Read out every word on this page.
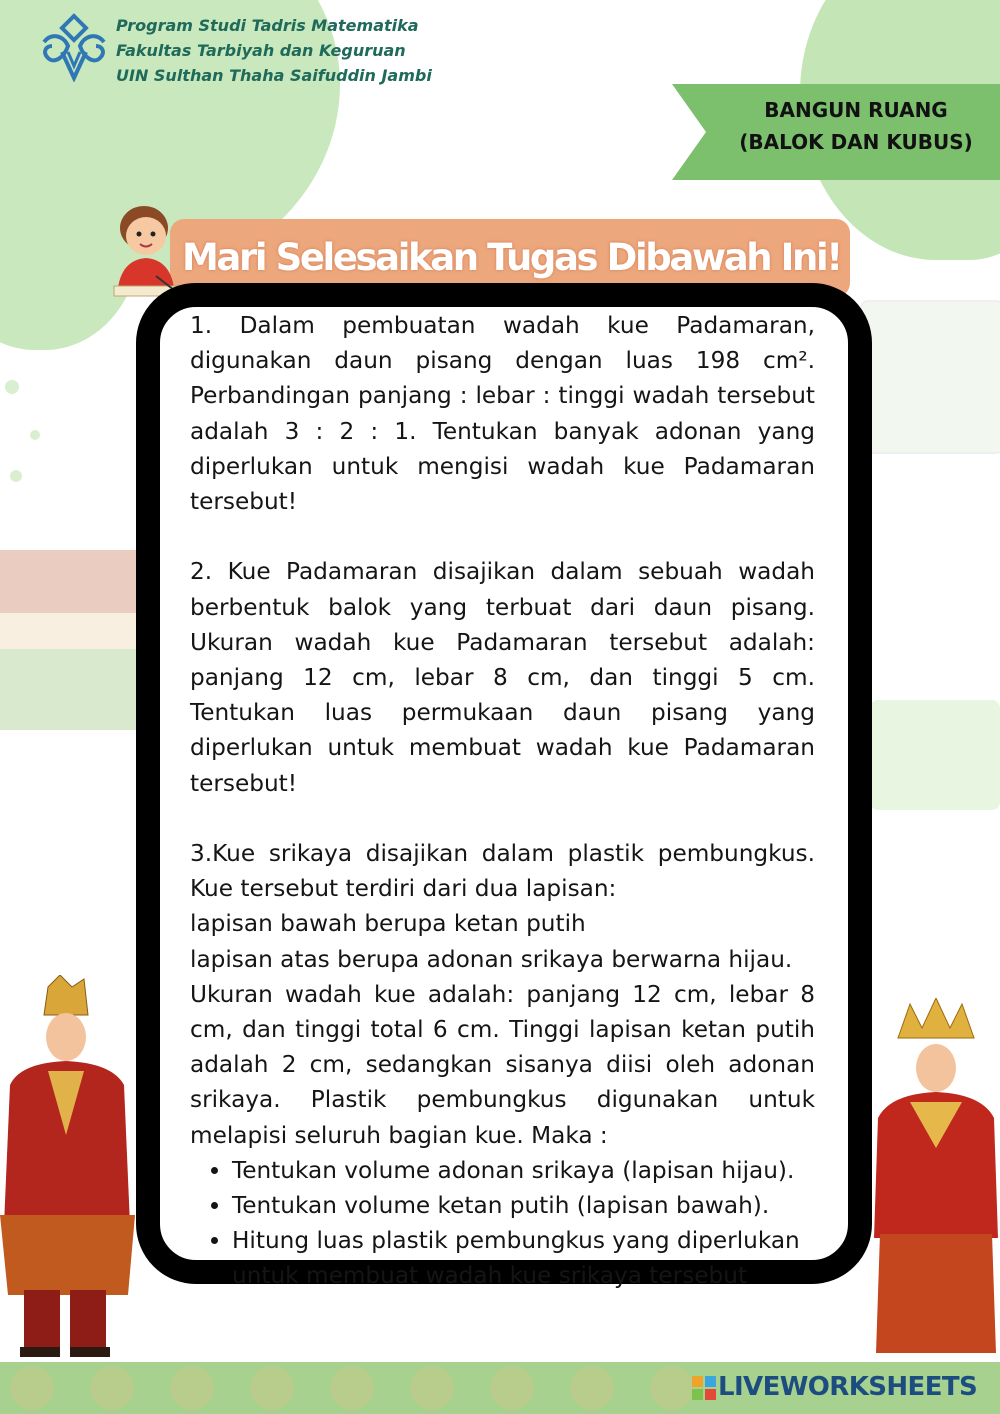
Program Studi Tadris Matematika
Fakultas Tarbiyah dan Keguruan
UIN Sulthan Thaha Saifuddin Jambi
BANGUN RUANG
(BALOK DAN KUBUS)
Mari Selesaikan Tugas Dibawah Ini!

1. Dalam pembuatan wadah kue Padamaran, digunakan daun pisang dengan luas 198 cm². Perbandingan panjang : lebar : tinggi wadah tersebut adalah 3 : 2 : 1. Tentukan banyak adonan yang diperlukan untuk mengisi wadah kue Padamaran tersebut!

2. Kue Padamaran disajikan dalam sebuah wadah berbentuk balok yang terbuat dari daun pisang. Ukuran wadah kue Padamaran tersebut adalah: panjang 12 cm, lebar 8 cm, dan tinggi 5 cm. Tentukan luas permukaan daun pisang yang diperlukan untuk membuat wadah kue Padamaran tersebut!

3.Kue srikaya disajikan dalam plastik pembungkus. Kue tersebut terdiri dari dua lapisan:

lapisan bawah berupa ketan putih

lapisan atas berupa adonan srikaya berwarna hijau.

Ukuran wadah kue adalah: panjang 12 cm, lebar 8 cm, dan tinggi total 6 cm. Tinggi lapisan ketan putih adalah 2 cm, sedangkan sisanya diisi oleh adonan srikaya. Plastik pembungkus digunakan untuk melapisi seluruh bagian kue. Maka :

• Tentukan volume adonan srikaya (lapisan hijau).
• Tentukan volume ketan putih (lapisan bawah).
• Hitung luas plastik pembungkus yang diperlukan untuk membuat wadah kue srikaya tersebut
LIVEWORKSHEETS
